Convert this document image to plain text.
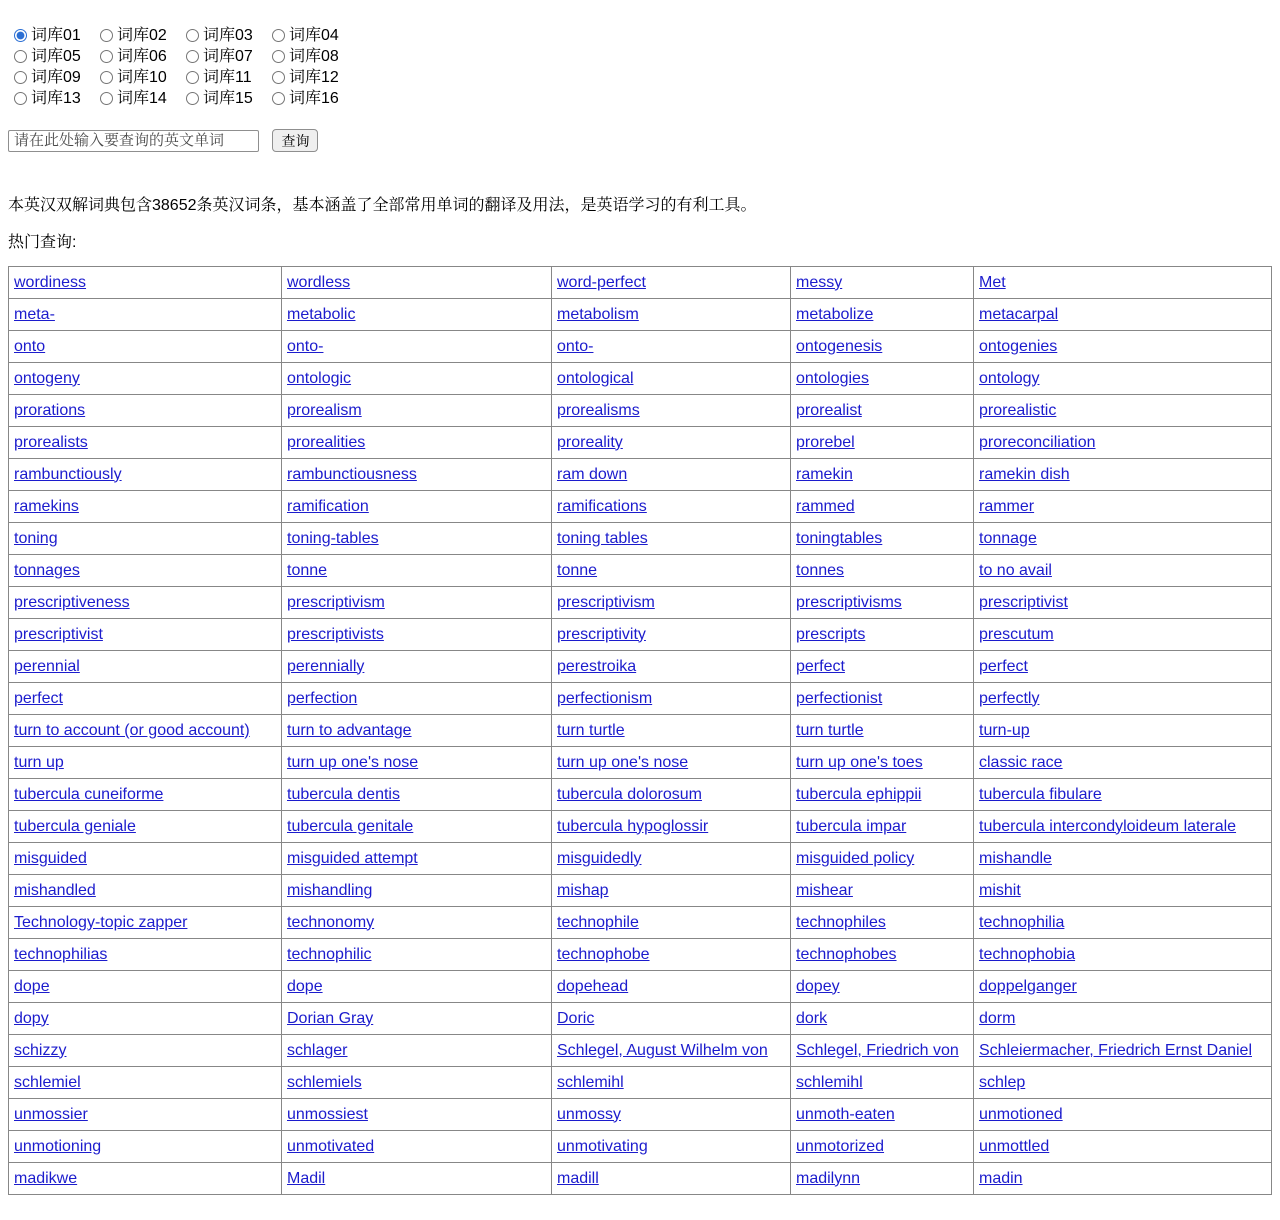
词库01 词库02 词库03 词库04词库05 词库06 词库07 词库08词库09 词库10 词库11 词库12词库13 词库14 词库15 词库16
请在此处输入要查询的英文单词 查询

本英汉双解词典包含38652条英汉词条，基本涵盖了全部常用单词的翻译及用法，是英语学习的有利工具。

热门查询:

wordiness	wordless	word-perfect	messy	Met
meta-	metabolic	metabolism	metabolize	metacarpal
onto	onto-	onto-	ontogenesis	ontogenies
ontogeny	ontologic	ontological	ontologies	ontology
prorations	prorealism	prorealisms	prorealist	prorealistic
prorealists	prorealities	proreality	prorebel	proreconciliation
rambunctiously	rambunctiousness	ram down	ramekin	ramekin dish
ramekins	ramification	ramifications	rammed	rammer
toning	toning-tables	toning tables	toningtables	tonnage
tonnages	tonne	tonne	tonnes	to no avail
prescriptiveness	prescriptivism	prescriptivism	prescriptivisms	prescriptivist
prescriptivist	prescriptivists	prescriptivity	prescripts	prescutum
perennial	perennially	perestroika	perfect	perfect
perfect	perfection	perfectionism	perfectionist	perfectly
turn to account (or good account)	turn to advantage	turn turtle	turn turtle	turn-up
turn up	turn up one's nose	turn up one's nose	turn up one's toes	classic race
tubercula cuneiforme	tubercula dentis	tubercula dolorosum	tubercula ephippii	tubercula fibulare
tubercula geniale	tubercula genitale	tubercula hypoglossir	tubercula impar	tubercula intercondyloideum laterale
misguided	misguided attempt	misguidedly	misguided policy	mishandle
mishandled	mishandling	mishap	mishear	mishit
Technology-topic zapper	technonomy	technophile	technophiles	technophilia
technophilias	technophilic	technophobe	technophobes	technophobia
dope	dope	dopehead	dopey	doppelganger
dopy	Dorian Gray	Doric	dork	dorm
schizzy	schlager	Schlegel, August Wilhelm von	Schlegel, Friedrich von	Schleiermacher, Friedrich Ernst Daniel
schlemiel	schlemiels	schlemihl	schlemihl	schlep
unmossier	unmossiest	unmossy	unmoth-eaten	unmotioned
unmotioning	unmotivated	unmotivating	unmotorized	unmottled
madikwe	Madil	madill	madilynn	madin
